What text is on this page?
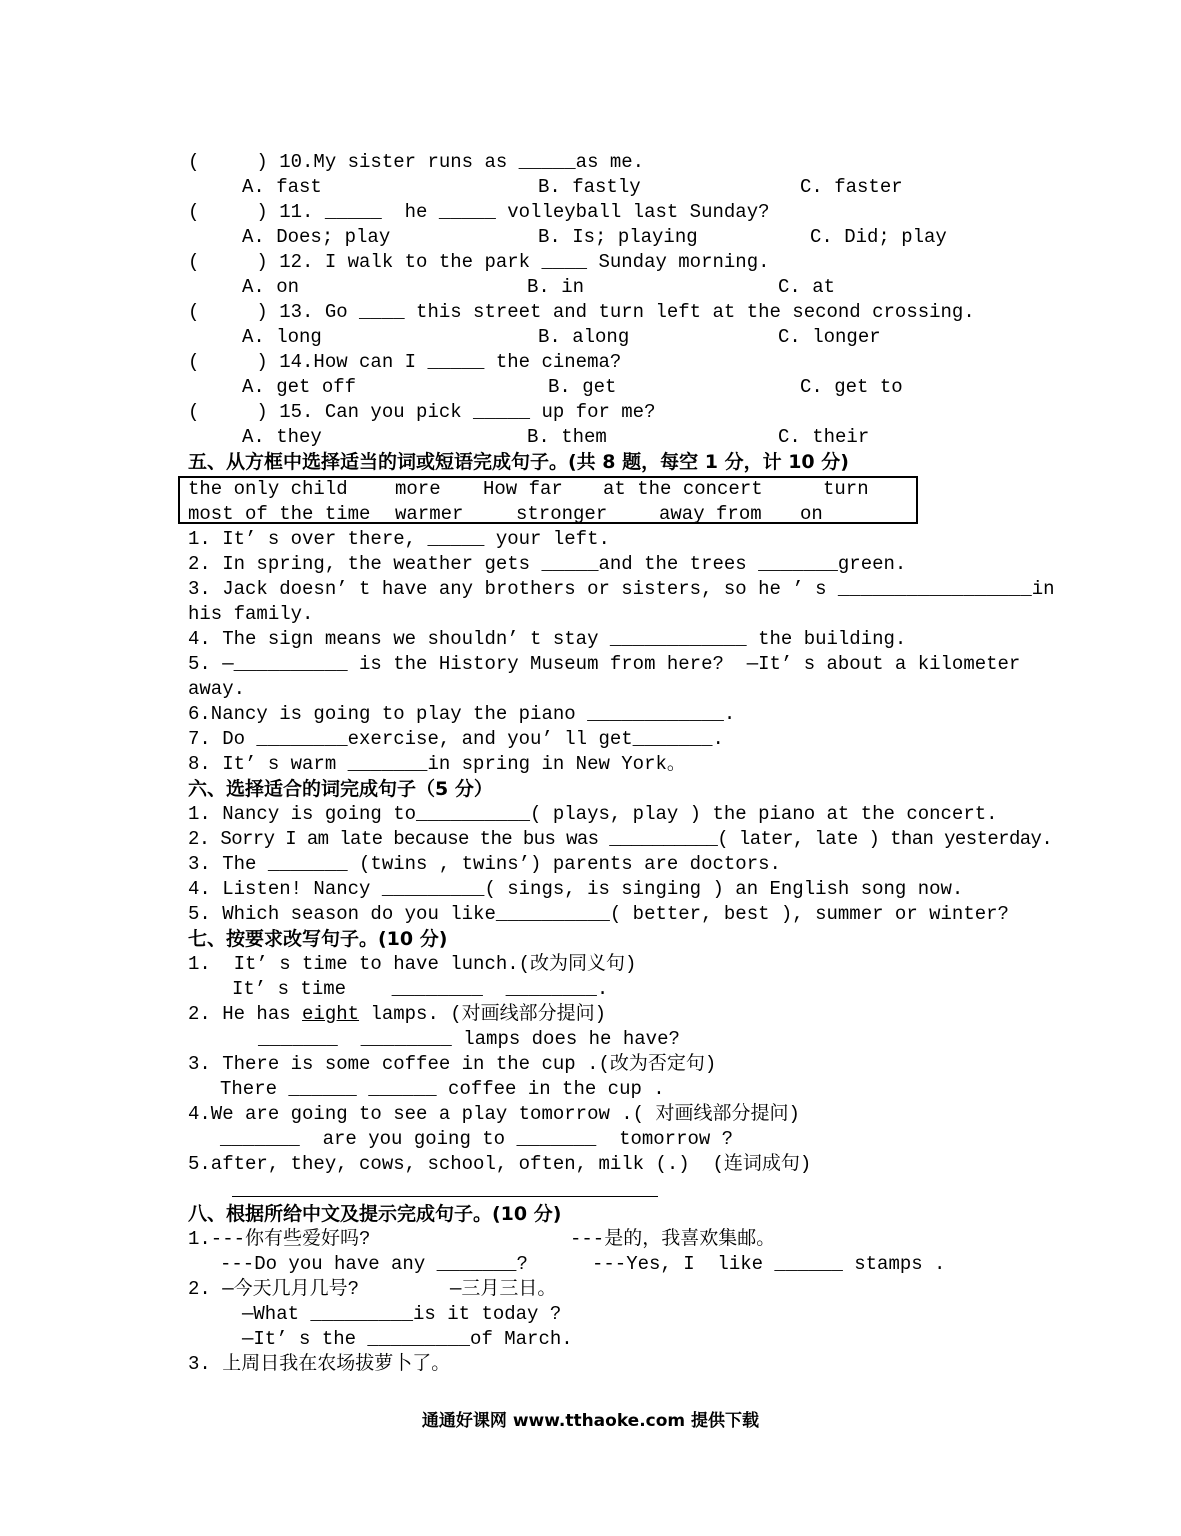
(     ) 10.My sister runs as _____as me.
A. fast	B. fastly	C. faster
(     ) 11. _____  he _____ volleyball last Sunday?
A. Does; play	B. Is; playing	C. Did; play
(     ) 12. I walk to the park ____ Sunday morning.
A. on	B. in	C. at
(     ) 13. Go ____ this street and turn left at the second crossing.
A. long	B. along	C. longer
(     ) 14.How can I _____ the cinema?
A. get off	B. get	C. get to
(     ) 15. Can you pick _____ up for me?
A. they	B. them	C. their
五、从方框中选择适当的词或短语完成句子。(共 8 题，每空 1 分，计 10 分)
the only child more How far at the concert	turn
most of the time warmer	stronger	away from on
1. It’ s over there, _____ your left.
2. In spring, the weather gets _____and the trees _______green.
3. Jack doesn’ t have any brothers or sisters, so he ’ s _________________in
his family.
4. The sign means we shouldn’ t stay ____________ the building.
5. —__________ is the History Museum from here?  —It’ s about a kilometer
away.
6.Nancy is going to play the piano ____________.
7. Do ________exercise, and you’ ll get_______.
8. It’ s warm _______in spring in New York。
六、选择适合的词完成句子（5 分）
1. Nancy is going to__________( plays, play ) the piano at the concert.
2. Sorry I am late because the bus was __________( later, late ) than yesterday.
3. The _______ (twins , twins’) parents are doctors.
4. Listen! Nancy _________( sings, is singing ) an English song now.
5. Which season do you like__________( better, best ), summer or winter?
七、按要求改写句子。(10 分)
1.  It’ s time to have lunch.(改为同义句)
It’ s time    ________  ________.
2. He has eight lamps. (对画线部分提问)
_______  ________ lamps does he have?
3. There is some coffee in the cup .(改为否定句)
There ______ ______ coffee in the cup .
4.We are going to see a play tomorrow .( 对画线部分提问)
_______  are you going to _______  tomorrow ?
5.after, they, cows, school, often, milk (.)  (连词成句)
八、根据所给中文及提示完成句子。(10 分)
1.---你有些爱好吗?	---是的，我喜欢集邮。
---Do you have any _______?	---Yes, I  like ______ stamps .
2. —今天几月几号?	—三月三日。
—What _________is it today ?
—It’ s the _________of March.
3. 上周日我在农场拔萝卜了。
通通好课网 www.tthaoke.com 提供下载
